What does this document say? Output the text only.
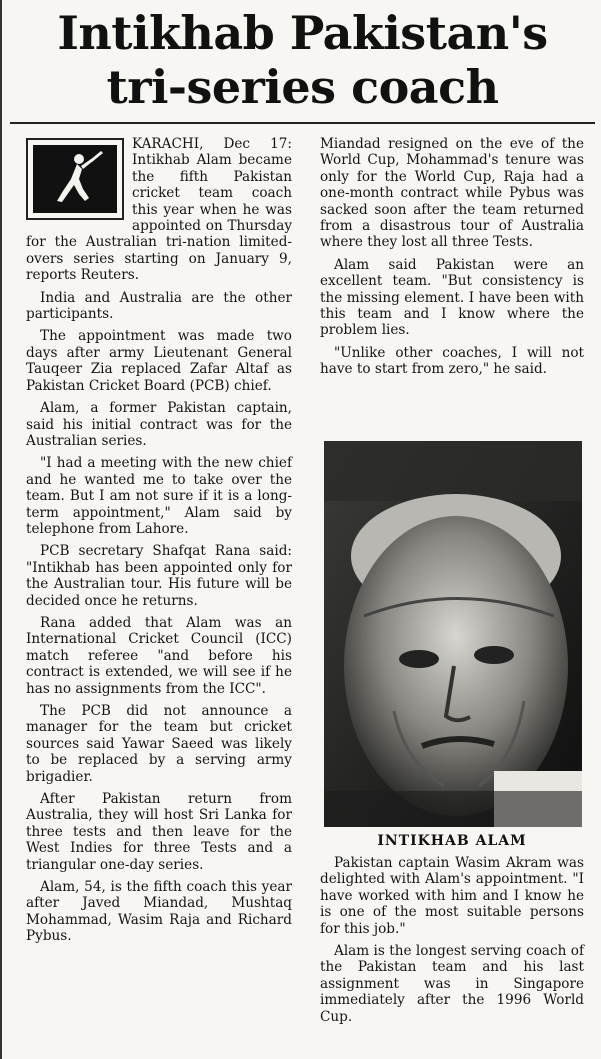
Intikhab Pakistan's
tri-series coach

KARACHI, Dec 17: Intikhab Alam became the fifth Pakistan cricket team coach this year when he was appointed on Thursday for the Australian tri-nation limited-overs series starting on January 9, reports Reuters.

India and Australia are the other participants.

The appointment was made two days after army Lieutenant General Tauqeer Zia replaced Zafar Altaf as Pakistan Cricket Board (PCB) chief.

Alam, a former Pakistan captain, said his initial contract was for the Australian series.

"I had a meeting with the new chief and he wanted me to take over the team. But I am not sure if it is a long-term appointment," Alam said by telephone from Lahore.

PCB secretary Shafqat Rana said: "Intikhab has been appointed only for the Australian tour. His future will be decided once he returns.

Rana added that Alam was an International Cricket Council (ICC) match referee "and before his contract is extended, we will see if he has no assignments from the ICC".

The PCB did not announce a manager for the team but cricket sources said Yawar Saeed was likely to be replaced by a serving army brigadier.

After Pakistan return from Australia, they will host Sri Lanka for three tests and then leave for the West Indies for three Tests and a triangular one-day series.

Alam, 54, is the fifth coach this year after Javed Miandad, Mushtaq Mohammad, Wasim Raja and Richard Pybus.

Miandad resigned on the eve of the World Cup, Mohammad's tenure was only for the World Cup, Raja had a one-month contract while Pybus was sacked soon after the team returned from a disastrous tour of Australia where they lost all three Tests.

Alam said Pakistan were an excellent team. "But consistency is the missing element. I have been with this team and I know where the problem lies.

"Unlike other coaches, I will not have to start from zero," he said.

INTIKHAB ALAM

Pakistan captain Wasim Akram was delighted with Alam's appointment. "I have worked with him and I know he is one of the most suitable persons for this job."

Alam is the longest serving coach of the Pakistan team and his last assignment was in Singapore immediately after the 1996 World Cup.
